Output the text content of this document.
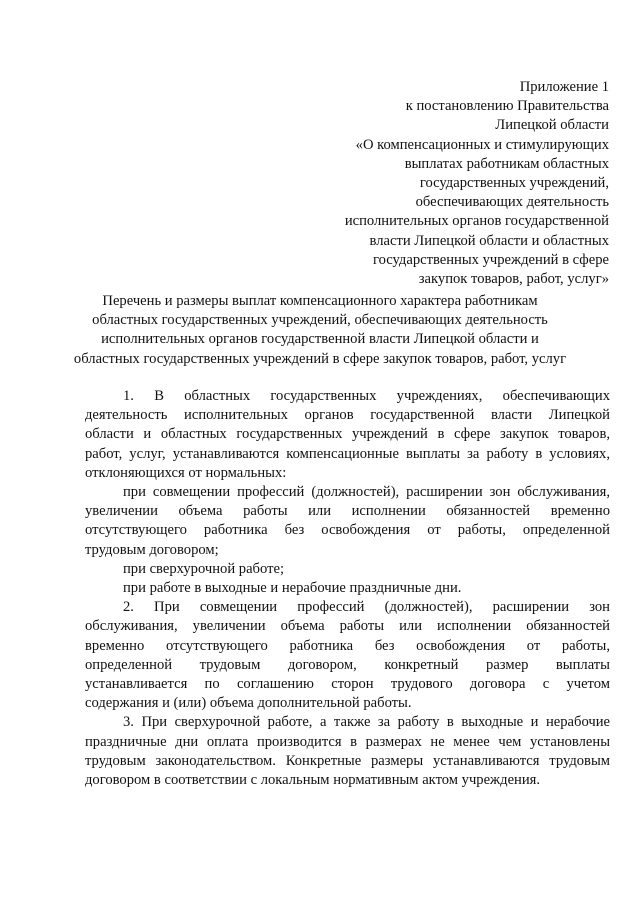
Приложение 1
к постановлению Правительства
Липецкой области
«О компенсационных и стимулирующих
выплатах работникам областных
государственных учреждений,
обеспечивающих деятельность
исполнительных органов государственной
власти Липецкой области и областных
государственных учреждений в сфере
закупок товаров, работ, услуг»
Перечень и размеры выплат компенсационного характера работникам
областных государственных учреждений, обеспечивающих деятельность
исполнительных органов государственной власти Липецкой области и
областных государственных учреждений в сфере закупок товаров, работ, услуг
1. В областных государственных учреждениях, обеспечивающих
деятельность исполнительных органов государственной власти Липецкой
области и областных государственных учреждений в сфере закупок товаров,
работ, услуг, устанавливаются компенсационные выплаты за работу в условиях,
отклоняющихся от нормальных:
при совмещении профессий (должностей), расширении зон обслуживания,
увеличении объема работы или исполнении обязанностей временно
отсутствующего работника без освобождения от работы, определенной
трудовым договором;

при сверхурочной работе;

при работе в выходные и нерабочие праздничные дни.

2. При совмещении профессий (должностей), расширении зон
обслуживания, увеличении объема работы или исполнении обязанностей
временно отсутствующего работника без освобождения от работы,
определенной трудовым договором, конкретный размер выплаты
устанавливается по соглашению сторон трудового договора с учетом
содержания и (или) объема дополнительной работы.
3. При сверхурочной работе, а также за работу в выходные и нерабочие
праздничные дни оплата производится в размерах не менее чем установлены
трудовым законодательством. Конкретные размеры устанавливаются трудовым
договором в соответствии с локальным нормативным актом учреждения.
